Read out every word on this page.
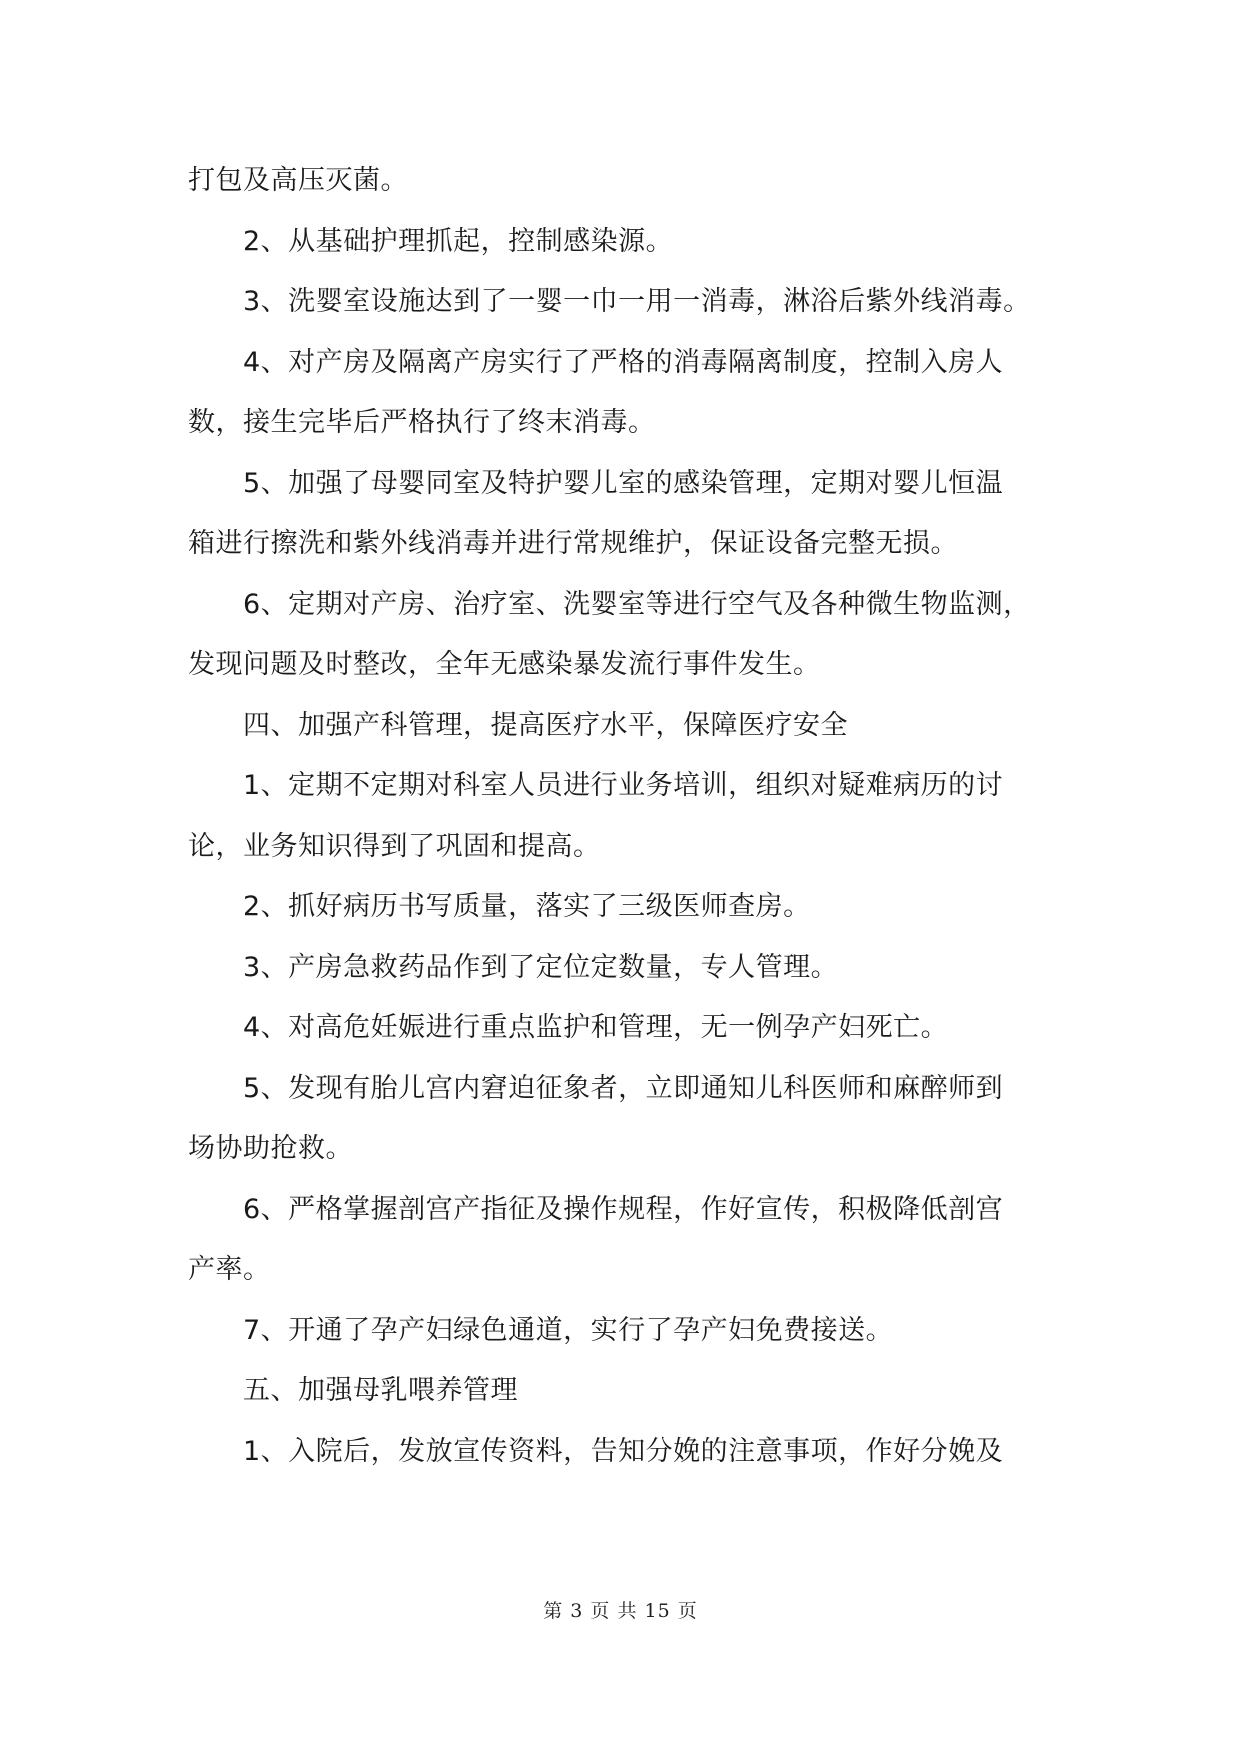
打包及高压灭菌。
2、从基础护理抓起，控制感染源。
3、洗婴室设施达到了一婴一巾一用一消毒，淋浴后紫外线消毒。
4、对产房及隔离产房实行了严格的消毒隔离制度，控制入房人
数，接生完毕后严格执行了终末消毒。
5、加强了母婴同室及特护婴儿室的感染管理，定期对婴儿恒温
箱进行擦洗和紫外线消毒并进行常规维护，保证设备完整无损。
6、定期对产房、治疗室、洗婴室等进行空气及各种微生物监测，
发现问题及时整改，全年无感染暴发流行事件发生。
四、加强产科管理，提高医疗水平，保障医疗安全
1、定期不定期对科室人员进行业务培训，组织对疑难病历的讨
论，业务知识得到了巩固和提高。
2、抓好病历书写质量，落实了三级医师查房。
3、产房急救药品作到了定位定数量，专人管理。
4、对高危妊娠进行重点监护和管理，无一例孕产妇死亡。
5、发现有胎儿宫内窘迫征象者，立即通知儿科医师和麻醉师到
场协助抢救。
6、严格掌握剖宫产指征及操作规程，作好宣传，积极降低剖宫
产率。
7、开通了孕产妇绿色通道，实行了孕产妇免费接送。
五、加强母乳喂养管理
1、入院后，发放宣传资料，告知分娩的注意事项，作好分娩及
第 3 页 共 15 页
